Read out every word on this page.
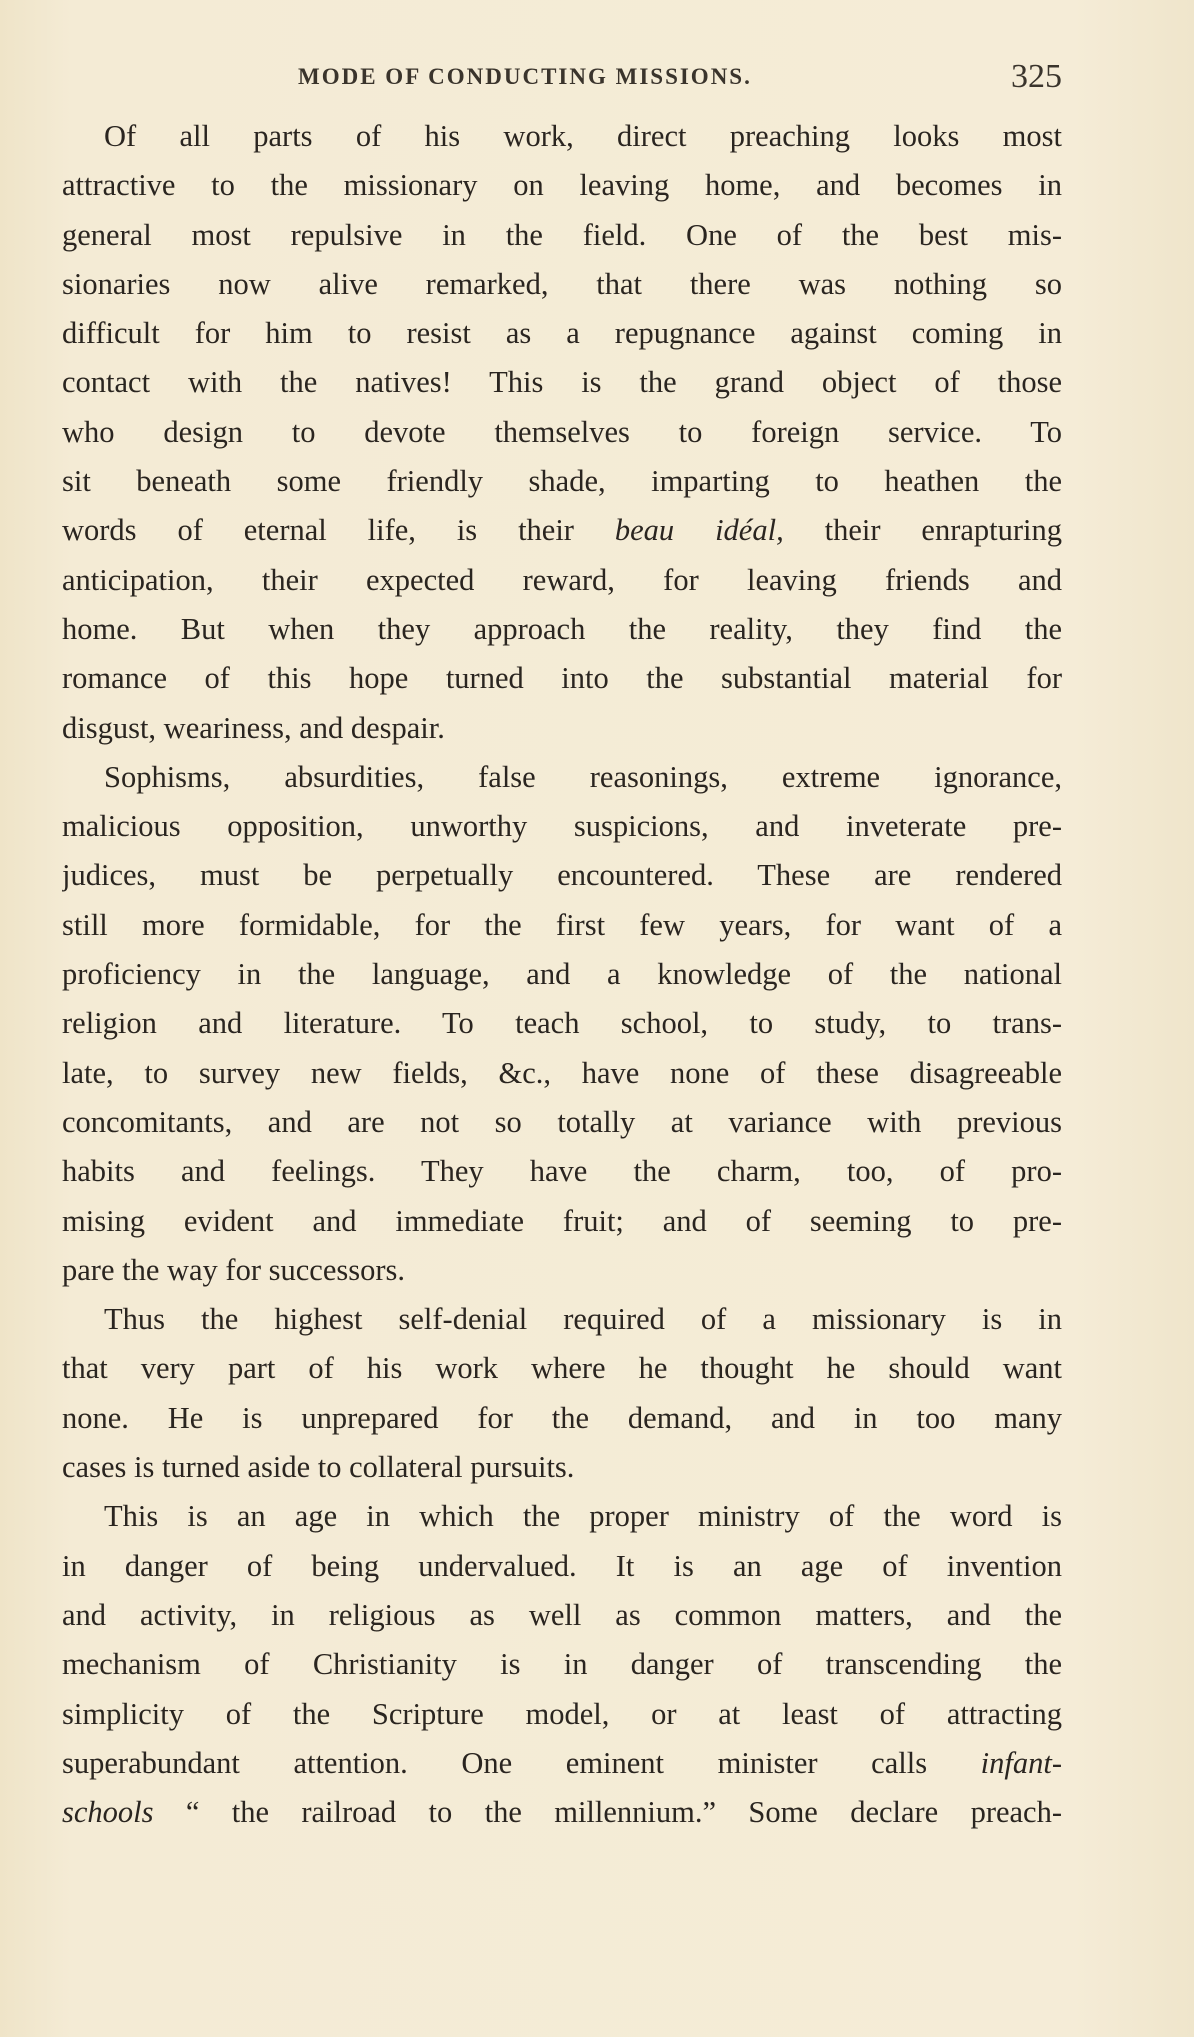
MODE OF CONDUCTING MISSIONS.	325
Of all parts of his work, direct preaching looks most
attractive to the missionary on leaving home, and becomes in
general most repulsive in the field. One of the best mis-
sionaries now alive remarked, that there was nothing so
difficult for him to resist as a repugnance against coming in
contact with the natives! This is the grand object of those
who design to devote themselves to foreign service. To
sit beneath some friendly shade, imparting to heathen the
words of eternal life, is their beau idéal, their enrapturing
anticipation, their expected reward, for leaving friends and
home. But when they approach the reality, they find the
romance of this hope turned into the substantial material for
disgust, weariness, and despair.
Sophisms, absurdities, false reasonings, extreme ignorance,
malicious opposition, unworthy suspicions, and inveterate pre-
judices, must be perpetually encountered. These are rendered
still more formidable, for the first few years, for want of a
proficiency in the language, and a knowledge of the national
religion and literature. To teach school, to study, to trans-
late, to survey new fields, &c., have none of these disagreeable
concomitants, and are not so totally at variance with previous
habits and feelings. They have the charm, too, of pro-
mising evident and immediate fruit; and of seeming to pre-
pare the way for successors.
Thus the highest self-denial required of a missionary is in
that very part of his work where he thought he should want
none. He is unprepared for the demand, and in too many
cases is turned aside to collateral pursuits.
This is an age in which the proper ministry of the word is
in danger of being undervalued. It is an age of invention
and activity, in religious as well as common matters, and the
mechanism of Christianity is in danger of transcending the
simplicity of the Scripture model, or at least of attracting
superabundant attention. One eminent minister calls infant-
schools “ the railroad to the millennium.” Some declare preach-
